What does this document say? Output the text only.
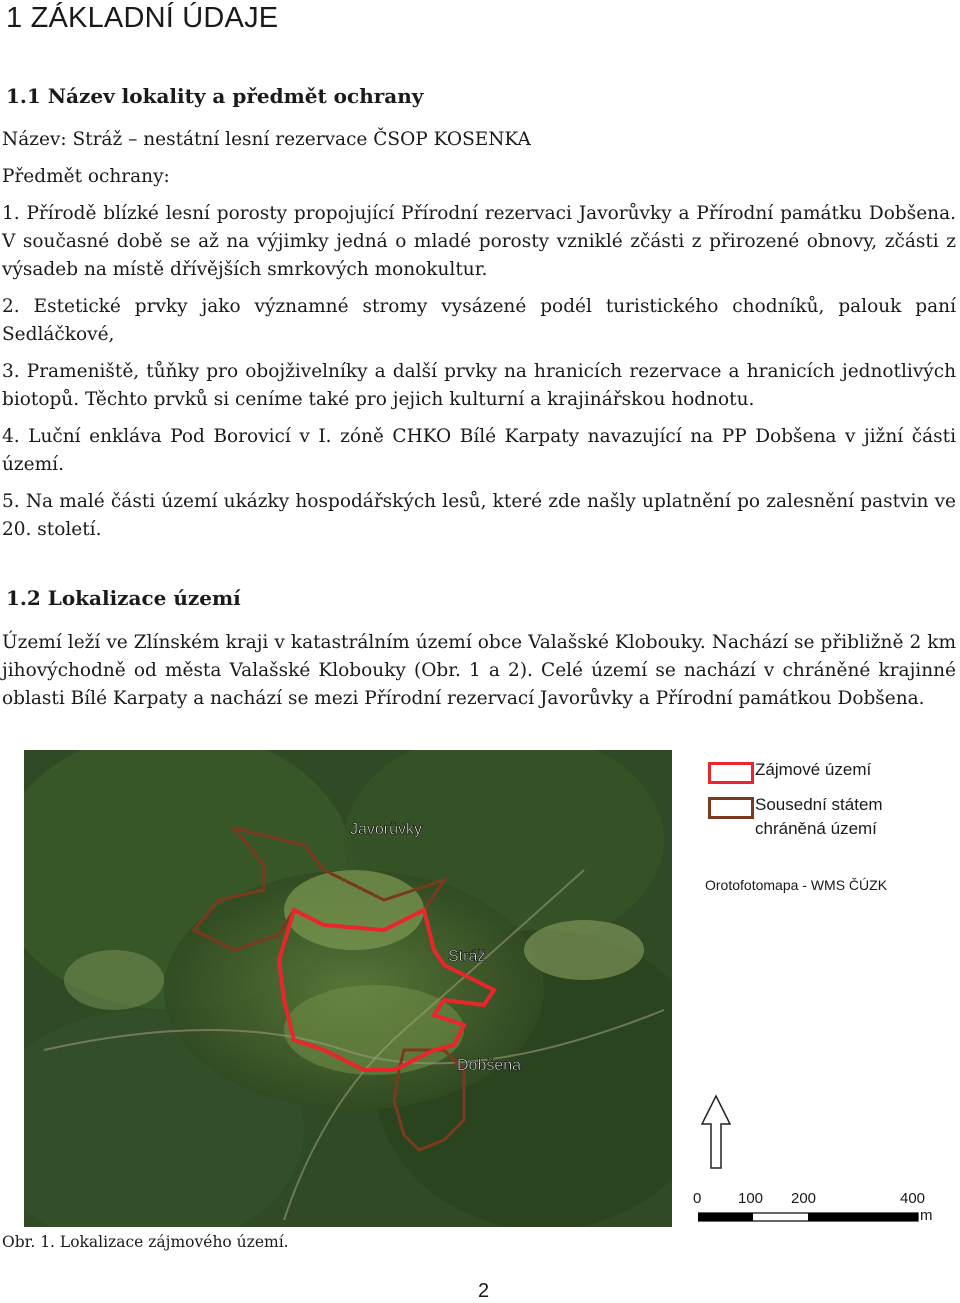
1 ZÁKLADNÍ ÚDAJE
1.1 Název lokality a předmět ochrany
Název: Stráž – nestátní lesní rezervace ČSOP KOSENKA
Předmět ochrany:
1. Přírodě blízké lesní porosty propojující Přírodní rezervaci Javorůvky a Přírodní památku Dobšena. V současné době se až na výjimky jedná o mladé porosty vzniklé zčásti z přirozené obnovy, zčásti z výsadeb na místě dřívějších smrkových monokultur.
2. Estetické prvky jako významné stromy vysázené podél turistického chodníků, palouk paní Sedláčkové,
3. Prameniště, tůňky pro obojživelníky a další prvky na hranicích rezervace a hranicích jednotlivých biotopů. Těchto prvků si ceníme také pro jejich kulturní a krajinářskou hodnotu.
4. Luční enkláva Pod Borovicí v I. zóně CHKO Bílé Karpaty navazující na PP Dobšena v jižní části území.
5. Na malé části území ukázky hospodářských lesů, které zde našly uplatnění po zalesnění pastvin ve 20. století.
1.2 Lokalizace území
Území leží ve Zlínském kraji v katastrálním území obce Valašské Klobouky. Nachází se přibližně 2 km jihovýchodně od města Valašské Klobouky (Obr. 1 a 2). Celé území se nachází v chráněné krajinné oblasti Bílé Karpaty a nachází se mezi Přírodní rezervací Javorůvky a Přírodní památkou Dobšena.
Javorůvky
Stráž
Dobšena
Zájmové území
Sousední státem
chráněná území
Orotofotomapa - WMS ČÚZK
0 100 200	400
m
Obr. 1. Lokalizace zájmového území.
2
